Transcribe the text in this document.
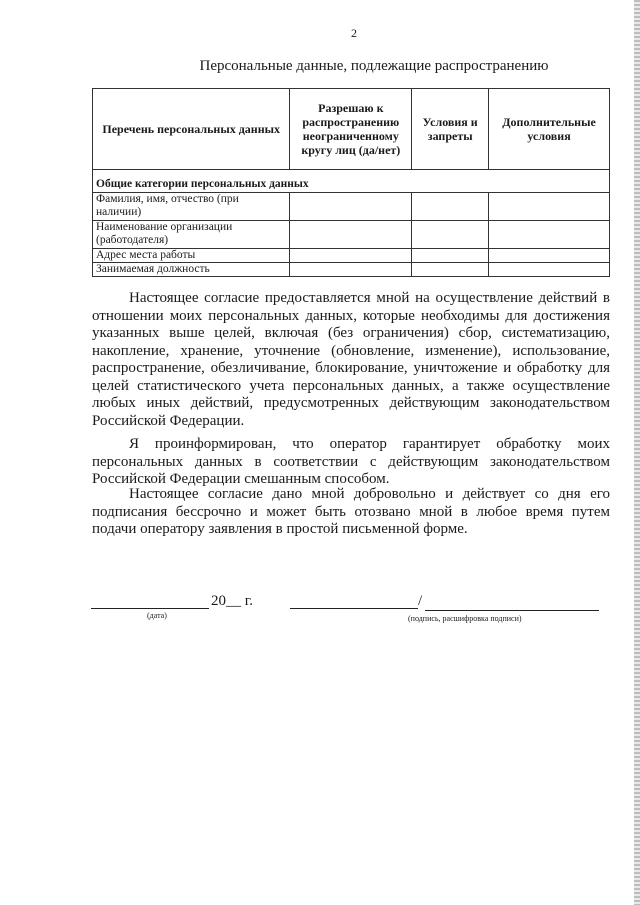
2
Персональные данные, подлежащие распространению
Перечень персональных данных	Разрешаю к распространению неограниченному кругу лиц (да/нет)	Условия и запреты	Дополнительные условия
Общие категории персональных данных			
Фамилия, имя, отчество (при наличии)			
Наименование организации (работодателя)			
Адрес места работы			
Занимаемая должность			

Настоящее согласие предоставляется мной на осуществление действий в отношении моих персональных данных, которые необходимы для достижения указанных выше целей, включая (без ограничения) сбор, систематизацию, накопление, хранение, уточнение (обновление, изменение), использование, распространение, обезличивание, блокирование, уничтожение и обработку для целей статистического учета персональных данных, а также осуществление любых иных действий, предусмотренных действующим законодательством Российской Федерации.

Я проинформирован, что оператор гарантирует обработку моих персональных данных в соответствии с действующим законодательством Российской Федерации смешанным способом.

Настоящее согласие дано мной добровольно и действует со дня его подписания бессрочно и может быть отозвано мной в любое время путем подачи оператору заявления в простой письменной форме.

20__ г.
(дата)
/
(подпись, расшифровка подписи)
